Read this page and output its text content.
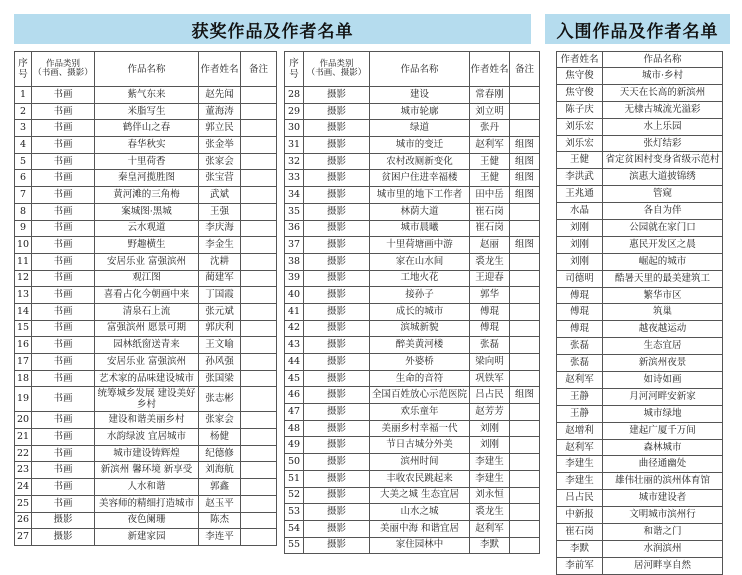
获奖作品及作者名单	入围作品及作者名单
序号	作品类别
（书画、摄影）	作品名称	作者姓名	备注
1	书画	紫气东来	赵先闻	
2	书画	米脂写生	董海涛	
3	书画	鹤伴山之春	郭立民	
4	书画	春华秋实	张金举	
5	书画	十里荷香	张家会	
6	书画	秦皇河揽胜图	张宝营	
7	书画	黄河滩的三角梅	武斌	
8	书画	案城图·黑城	王强	
9	书画	云水观道	李庆海	
10	书画	野趣横生	李金生	
11	书画	安居乐业 富强滨州	沈耕	
12	书画	观江图	蔺建军	
13	书画	喜看占化今朝画中来	丁国霞	
14	书画	清泉石上流	张元斌	
15	书画	富强滨州 愿景可期	郭庆利	
16	书画	园林纸窗送青来	王文喻	
17	书画	安居乐业 富强滨州	孙风强	
18	书画	艺术家的品味建设城市	张国梁	
19	书画	统筹城乡发展 建设美好乡村	张志彬	
20	书画	建设和谐美丽乡村	张家会	
21	书画	水韵绿波 宜居城市	杨健	
22	书画	城市建设铸辉煌	纪德修	
23	书画	新滨州 馨环境 新享受	刘海航	
24	书画	人水和谐	郭鑫	
25	书画	美容师的精细打造城市	赵玉平	
26	摄影	夜色阑珊	陈杰	
27	摄影	新建家园	李连平	
序号	作品类别
（书画、摄影）	作品名称	作者姓名	备注
28	摄影	建设	常春刚	
29	摄影	城市轮廓	刘立明	
30	摄影	绿道	张丹	
31	摄影	城市的变迁	赵利军	组图
32	摄影	农村改厕新变化	王健	组图
33	摄影	贫困户住进幸福楼	王健	组图
34	摄影	城市里的地下工作者	田中岳	组图
35	摄影	林荫大道	崔石岗	
36	摄影	城市晨曦	崔石岗	
37	摄影	十里荷塘画中游	赵丽	组图
38	摄影	家在山水间	裘龙生	
39	摄影	工地火花	王迎春	
40	摄影	接孙子	郭华	
41	摄影	成长的城市	傅琨	
42	摄影	滨城新貌	傅琨	
43	摄影	醉美黄河楼	张磊	
44	摄影	外婆桥	梁向明	
45	摄影	生命的音符	巩铁军	
46	摄影	全国百姓放心示范医院	吕占民	组图
47	摄影	欢乐童年	赵芳芳	
48	摄影	美丽乡村幸福一代	刘刚	
49	摄影	节日古城分外美	刘刚	
50	摄影	滨州时间	李建生	
51	摄影	丰收农民跳起来	李建生	
52	摄影	大美之城 生态宜居	刘永恒	
53	摄影	山水之城	裘龙生	
54	摄影	美丽中海 和谐宜居	赵利军	
55	摄影	家住园林中	李默	
作者姓名	作品名称
焦守俊	城市·乡村
焦守俊	天天在长高的新滨州
陈子庆	无棣古城流光溢彩
刘乐宏	水上乐园
刘乐宏	张灯结彩
王健	省定贫困村变身省级示范村
李洪武	滨惠大道披锦绣
王兆通	管窥
水晶	各自为伴
刘刚	公园就在家门口
刘刚	惠民开发区之晨
刘刚	崛起的城市
司德明	酷暑天里的最美建筑工
傅琨	繁华市区
傅琨	筑巢
傅琨	越夜越运动
张磊	生态宜居
张磊	新滨州夜景
赵利军	如诗如画
王静	月河河畔安新家
王静	城市绿地
赵增利	建起广厦千万间
赵利军	森林城市
李建生	曲径通幽处
李建生	雄伟壮丽的滨州体育馆
吕占民	城市建设者
中新报	文明城市滨州行
崔石岗	和谐之门
李默	水润滨州
李前军	居河畔享自然
